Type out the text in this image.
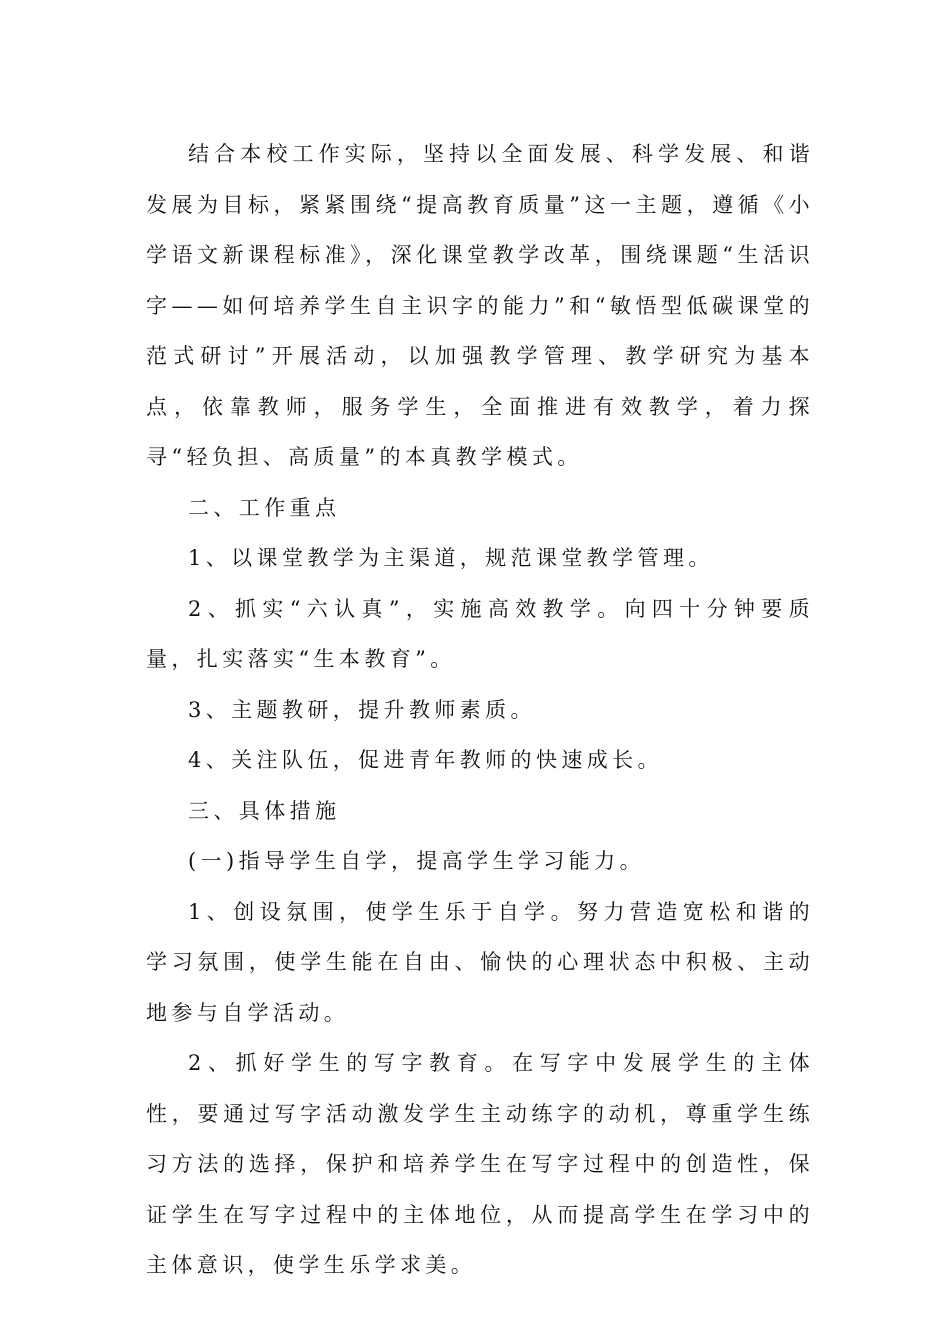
结合本校工作实际，坚持以全面发展、科学发展、和谐发展为目标，紧紧围绕“提高教育质量”这一主题，遵循《小学语文新课程标准》，深化课堂教学改革，围绕课题“生活识字——如何培养学生自主识字的能力”和“敏悟型低碳课堂的范式研讨”开展活动，以加强教学管理、教学研究为基本点，依靠教师，服务学生，全面推进有效教学，着力探寻“轻负担、高质量”的本真教学模式。

二、工作重点

1、以课堂教学为主渠道，规范课堂教学管理。

2、抓实“六认真”，实施高效教学。向四十分钟要质量，扎实落实“生本教育”。

3、主题教研，提升教师素质。

4、关注队伍，促进青年教师的快速成长。

三、具体措施

(一)指导学生自学，提高学生学习能力。

1、创设氛围，使学生乐于自学。努力营造宽松和谐的学习氛围，使学生能在自由、愉快的心理状态中积极、主动地参与自学活动。

2、抓好学生的写字教育。在写字中发展学生的主体性，要通过写字活动激发学生主动练字的动机，尊重学生练习方法的选择，保护和培养学生在写字过程中的创造性，保证学生在写字过程中的主体地位，从而提高学生在学习中的主体意识，使学生乐学求美。
